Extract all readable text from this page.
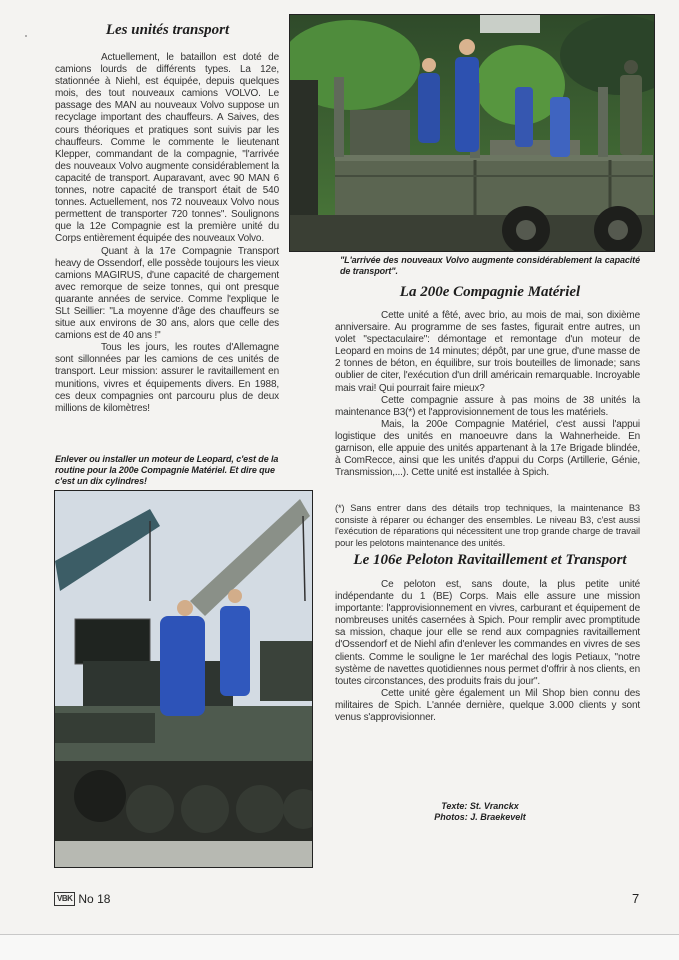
Les unités transport

Actuellement, le bataillon est doté de camions lourds de différents types. La 12e, stationnée à Niehl, est équipée, depuis quelques mois, des tout nouveaux camions VOLVO. Le passage des MAN au nouveaux Volvo suppose un recyclage important des chauffeurs. A Saives, des cours théoriques et pratiques sont suivis par les chauffeurs. Comme le commente le lieutenant Klepper, commandant de la compagnie, "l'arrivée des nouveaux Volvo augmente considérablement la capacité de transport. Auparavant, avec 90 MAN 6 tonnes, notre capacité de transport était de 540 tonnes. Actuellement, nos 72 nouveaux Volvo nous permettent de transporter 720 tonnes". Soulignons que la 12e Compagnie est la première unité du Corps entièrement équipée des nouveaux Volvo.

Quant à la 17e Compagnie Transport heavy de Ossendorf, elle possède toujours les vieux camions MAGIRUS, d'une capacité de chargement avec remorque de seize tonnes, qui ont presque quarante années de service. Comme l'explique le SLt Seillier: "La moyenne d'âge des chauffeurs se situe aux environs de 30 ans, alors que celle des camions est de 40 ans !"

Tous les jours, les routes d'Allemagne sont sillonnées par les camions de ces unités de transport. Leur mission: assurer le ravitaillement en munitions, vivres et équipements divers. En 1988, ces deux compagnies ont parcouru plus de deux millions de kilomètres!

"L'arrivée des nouveaux Volvo augmente considérablement la capacité de transport".
La 200e Compagnie Matériel

Cette unité a fêté, avec brio, au mois de mai, son dixième anniversaire. Au programme de ses fastes, figurait entre autres, un volet "spectaculaire": démontage et remontage d'un moteur de Leopard en moins de 14 minutes; dépôt, par une grue, d'une masse de 2 tonnes de béton, en équilibre, sur trois bouteilles de limonade; sans oublier de citer, l'exécution d'un drill américain remarquable. Incroyable mais vrai! Qui pourrait faire mieux?

Cette compagnie assure à pas moins de 38 unités la maintenance B3(*) et l'approvisionnement de tous les matériels.

Mais, la 200e Compagnie Matériel, c'est aussi l'appui logistique des unités en manoeuvre dans la Wahnerheide. En garnison, elle appuie des unités appartenant à la 17e Brigade blindée, à ComRecce, ainsi que les unités d'appui du Corps (Artillerie, Génie, Transmission,...). Cette unité est installée à Spich.

(*) Sans entrer dans des détails trop techniques, la maintenance B3 consiste à réparer ou échanger des ensembles. Le niveau B3, c'est aussi l'exécution de réparations qui nécessitent une trop grande charge de travail pour les pelotons maintenance des unités.
Le 106e Peloton Ravitaillement et Transport

Ce peloton est, sans doute, la plus petite unité indépendante du 1 (BE) Corps. Mais elle assure une mission importante: l'approvisionnement en vivres, carburant et équipement de nombreuses unités casernées à Spich. Pour remplir avec promptitude sa mission, chaque jour elle se rend aux compagnies ravitaillement d'Ossendorf et de Niehl afin d'enlever les commandes en vivres de ses clients. Comme le souligne le 1er maréchal des logis Petiaux, "notre système de navettes quotidiennes nous permet d'offrir à nos clients, en toutes circonstances, des produits frais du jour".

Cette unité gère également un Mil Shop bien connu des militaires de Spich. L'année dernière, quelque 3.000 clients y sont venus s'approvisionner.

Enlever ou installer un moteur de Leopard, c'est de la routine pour la 200e Compagnie Matériel. Et dire que c'est un dix cylindres!
Texte: St. Vranckx
Photos: J. Braekevelt
VBK No 18	7
